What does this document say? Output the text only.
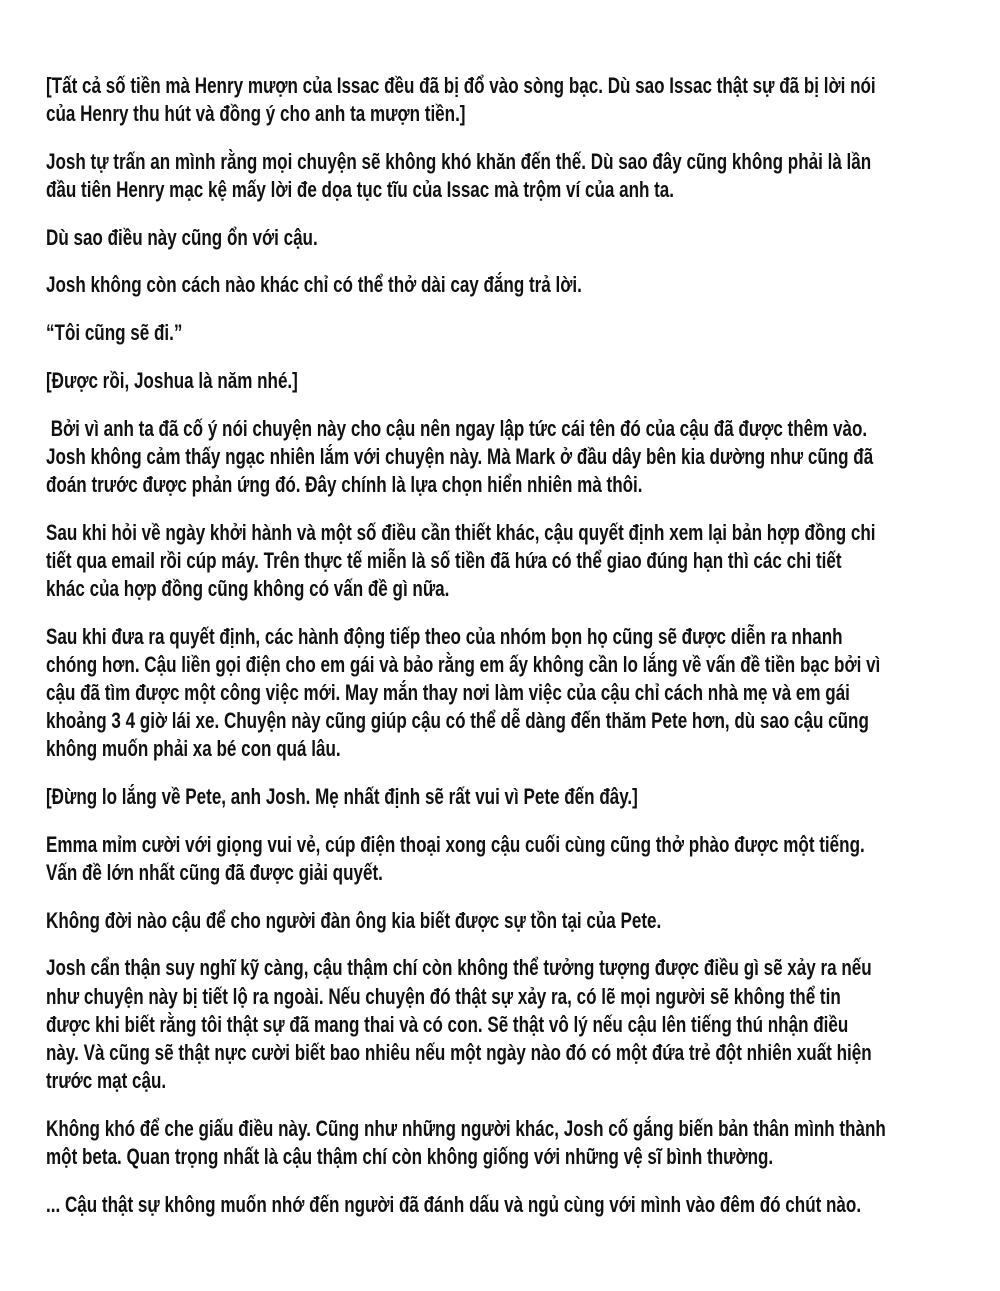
[Tất cả số tiền mà Henry mượn của Issac đều đã bị đổ vào sòng bạc. Dù sao Issac thật sự đã bị lời nói
của Henry thu hút và đồng ý cho anh ta mượn tiền.]
Josh tự trấn an mình rằng mọi chuyện sẽ không khó khăn đến thế. Dù sao đây cũng không phải là lần
đầu tiên Henry mạc kệ mấy lời đe dọa tục tĩu của Issac mà trộm ví của anh ta.
Dù sao điều này cũng ổn với cậu.
Josh không còn cách nào khác chỉ có thể thở dài cay đắng trả lời.
“Tôi cũng sẽ đi.”
[Được rồi, Joshua là năm nhé.]
Bởi vì anh ta đã cố ý nói chuyện này cho cậu nên ngay lập tức cái tên đó của cậu đã được thêm vào.
Josh không cảm thấy ngạc nhiên lắm với chuyện này. Mà Mark ở đầu dây bên kia dường như cũng đã
đoán trước được phản ứng đó. Đây chính là lựa chọn hiển nhiên mà thôi.
Sau khi hỏi về ngày khởi hành và một số điều cần thiết khác, cậu quyết định xem lại bản hợp đồng chi
tiết qua email rồi cúp máy. Trên thực tế miễn là số tiền đã hứa có thể giao đúng hạn thì các chi tiết
khác của hợp đồng cũng không có vấn đề gì nữa.
Sau khi đưa ra quyết định, các hành động tiếp theo của nhóm bọn họ cũng sẽ được diễn ra nhanh
chóng hơn. Cậu liền gọi điện cho em gái và bảo rằng em ấy không cần lo lắng về vấn đề tiền bạc bởi vì
cậu đã tìm được một công việc mới. May mắn thay nơi làm việc của cậu chỉ cách nhà mẹ và em gái
khoảng 3 4 giờ lái xe. Chuyện này cũng giúp cậu có thể dễ dàng đến thăm Pete hơn, dù sao cậu cũng
không muốn phải xa bé con quá lâu.
[Đừng lo lắng về Pete, anh Josh. Mẹ nhất định sẽ rất vui vì Pete đến đây.]
Emma mỉm cười với giọng vui vẻ, cúp điện thoại xong cậu cuối cùng cũng thở phào được một tiếng.
Vấn đề lớn nhất cũng đã được giải quyết.
Không đời nào cậu để cho người đàn ông kia biết được sự tồn tại của Pete.
Josh cẩn thận suy nghĩ kỹ càng, cậu thậm chí còn không thể tưởng tượng được điều gì sẽ xảy ra nếu
như chuyện này bị tiết lộ ra ngoài. Nếu chuyện đó thật sự xảy ra, có lẽ mọi người sẽ không thể tin
được khi biết rằng tôi thật sự đã mang thai và có con. Sẽ thật vô lý nếu cậu lên tiếng thú nhận điều
này. Và cũng sẽ thật nực cười biết bao nhiêu nếu một ngày nào đó có một đứa trẻ đột nhiên xuất hiện
trước mạt cậu.
Không khó để che giấu điều này. Cũng như những người khác, Josh cố gắng biến bản thân mình thành
một beta. Quan trọng nhất là cậu thậm chí còn không giống với những vệ sĩ bình thường.
... Cậu thật sự không muốn nhớ đến người đã đánh dấu và ngủ cùng với mình vào đêm đó chút nào.
